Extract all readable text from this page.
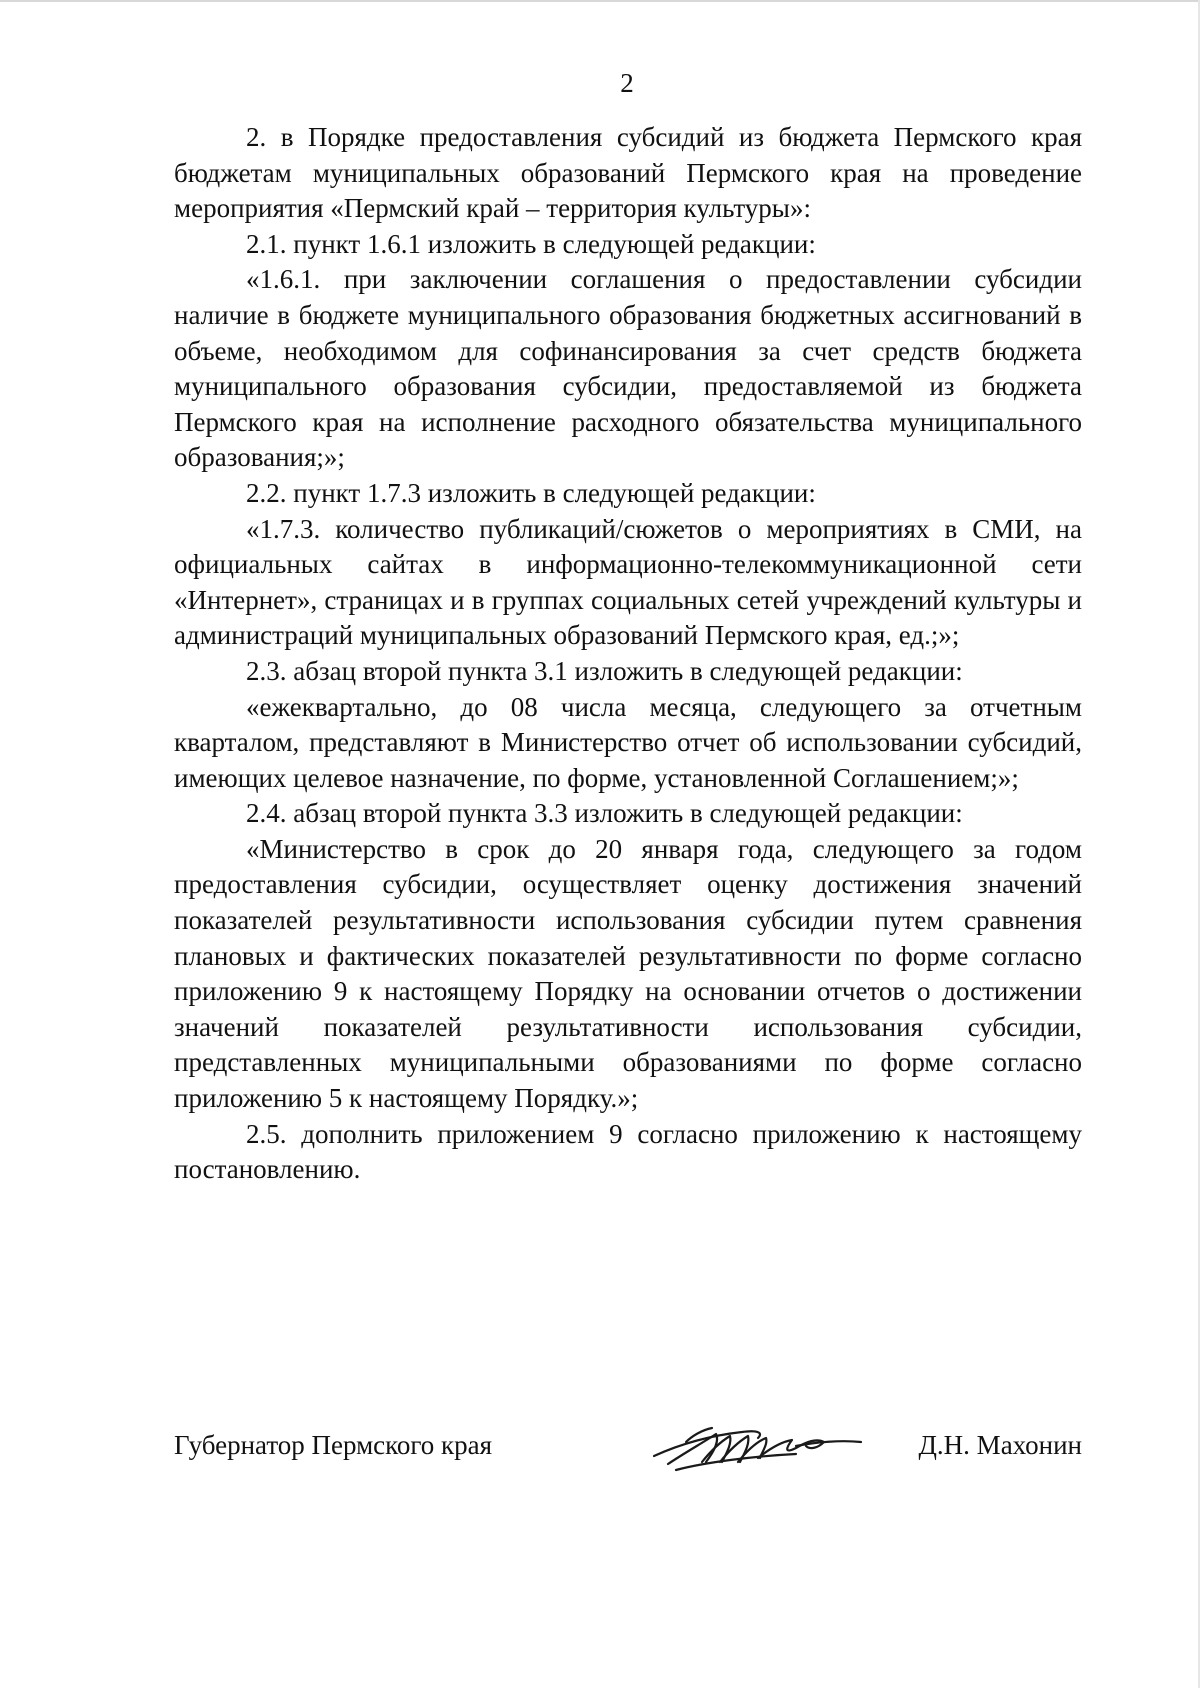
2

2. в Порядке предоставления субсидий из бюджета Пермского края бюджетам муниципальных образований Пермского края на проведение мероприятия «Пермский край – территория культуры»:

2.1. пункт 1.6.1 изложить в следующей редакции:

«1.6.1. при заключении соглашения о предоставлении субсидии наличие в бюджете муниципального образования бюджетных ассигнований в объеме, необходимом для софинансирования за счет средств бюджета муниципального образования субсидии, предоставляемой из бюджета Пермского края на исполнение расходного обязательства муниципального образования;»;

2.2. пункт 1.7.3 изложить в следующей редакции:

«1.7.3. количество публикаций/сюжетов о мероприятиях в СМИ, на официальных сайтах в информационно-телекоммуникационной сети «Интернет», страницах и в группах социальных сетей учреждений культуры и администраций муниципальных образований Пермского края, ед.;»;

2.3. абзац второй пункта 3.1 изложить в следующей редакции:

«ежеквартально, до 08 числа месяца, следующего за отчетным кварталом, представляют в Министерство отчет об использовании субсидий, имеющих целевое назначение, по форме, установленной Соглашением;»;

2.4. абзац второй пункта 3.3 изложить в следующей редакции:

«Министерство в срок до 20 января года, следующего за годом предоставления субсидии, осуществляет оценку достижения значений показателей результативности использования субсидии путем сравнения плановых и фактических показателей результативности по форме согласно приложению 9 к настоящему Порядку на основании отчетов о достижении значений показателей результативности использования субсидии, представленных муниципальными образованиями по форме согласно приложению 5 к настоящему Порядку.»;

2.5. дополнить приложением 9 согласно приложению к настоящему постановлению.

Губернатор Пермского края	Д.Н. Махонин
